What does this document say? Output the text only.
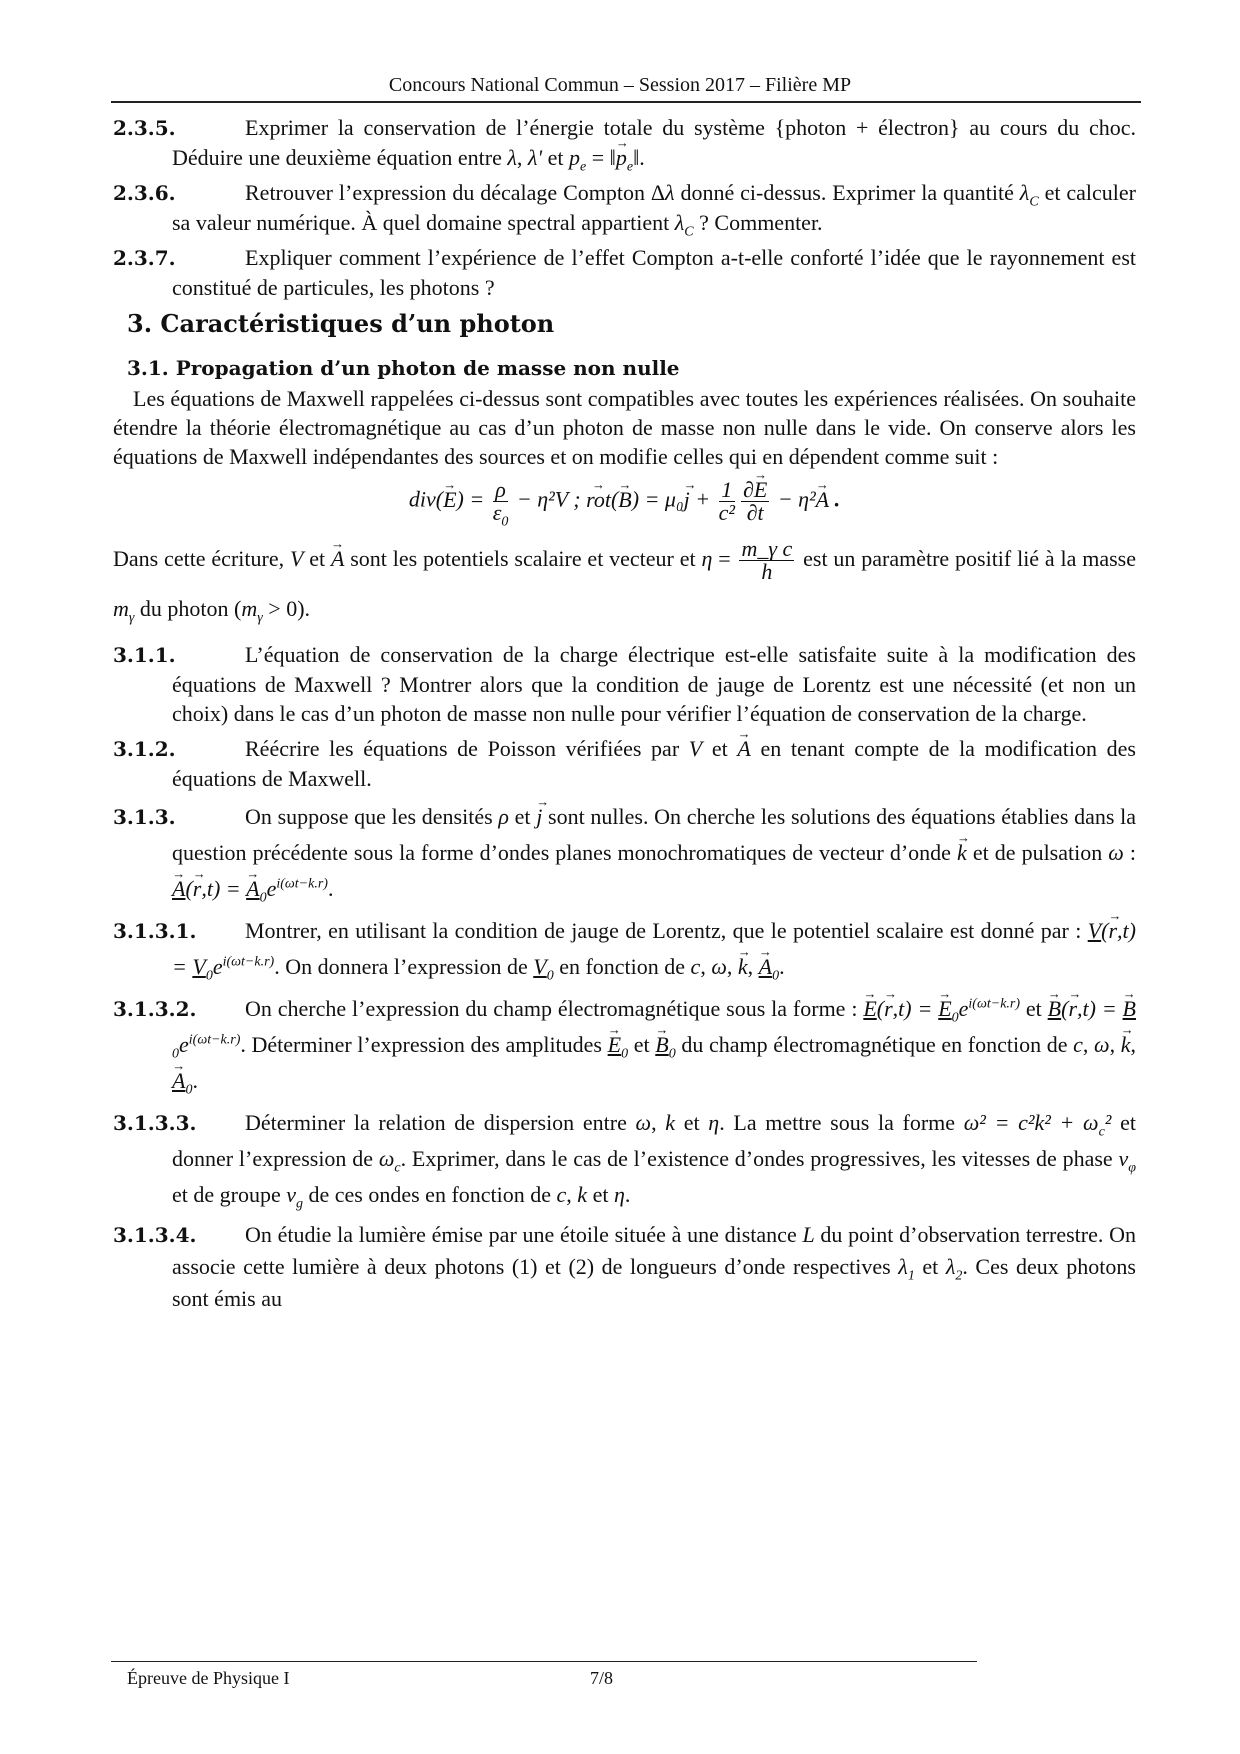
Concours National Commun – Session 2017 – Filière MP
2.3.5.	Exprimer la conservation de l’énergie totale du système {photon + électron} au cours du choc. Déduire une deuxième équation entre λ, λ' et $p_e$ = ‖→ $p_e‖$.
2.3.6.	Retrouver l’expression du décalage Compton Δλ donné ci-dessus. Exprimer la quantité $\lambda_C$ et calculer sa valeur numérique. À quel domaine spectral appartient $\lambda_C$ ? Commenter.
2.3.7.	Expliquer comment l’expérience de l’effet Compton a-t-elle conforté l’idée que le rayonnement est constitué de particules, les photons ?
3. Caractéristiques d’un photon
3.1. Propagation d’un photon de masse non nulle
Les équations de Maxwell rappelées ci-dessus sont compatibles avec toutes les expériences réalisées. On souhaite étendre la théorie électromagnétique au cas d’un photon de masse non nulle dans le vide. On conserve alors les équations de Maxwell indépendantes des sources et on modifie celles qui en dépendent comme suit :
$div(\to E) = \frac{\rho}{\varepsilon_0} - \eta^2V$ ; → $rot(\to B) = \mu_0\to j + \frac{1}{\text{c²}} \frac{\partial\to E}{\partial t} - \eta^2\to A$ .
Dans cette écriture, V et → A sont les potentiels scalaire et vecteur et $\eta = \frac{\text{m\_γ c}}{h}$ est un paramètre positif lié à la masse $m_\gamma$ du photon $(m_\gamma > 0)$.
3.1.1.	L’équation de conservation de la charge électrique est-elle satisfaite suite à la modification des équations de Maxwell ? Montrer alors que la condition de jauge de Lorentz est une nécessité (et non un choix) dans le cas d’un photon de masse non nulle pour vérifier l’équation de conservation de la charge.
3.1.2.	Réécrire les équations de Poisson vérifiées par V et → A en tenant compte de la modification des équations de Maxwell.
3.1.3.	On suppose que les densités ρ et → j sont nulles. On cherche les solutions des équations établies dans la question précédente sous la forme d’ondes planes monochromatiques de vecteur d’onde → k et de pulsation ω : → A(→ r,t) = → $A_0e^{i(\omega t-k.r)}$.
3.1.3.1. Montrer, en utilisant la condition de jauge de Lorentz, que le potentiel scalaire est donné par : $V(\to r,t) = V_0e^{i(\omega t-k.r)}$. On donnera l’expression de $V_0$ en fonction de c, ω, → k, → $A_0$.
3.1.3.2. On cherche l’expression du champ électromagnétique sous la forme : → E(→ r,t) = → $E_0e^{i(\omega t-k.r)}$ et → B(→ r,t) = → $B_0e^{i(\omega t-k.r)}$. Déterminer l’expression des amplitudes → $E_0$ et → $B_0$ du champ électromagnétique en fonction de c, ω, → k, → $A_0$.
3.1.3.3. Déterminer la relation de dispersion entre ω, k et η. La mettre sous la forme $\omega^2 = c^2k^2 + \omega_c^2$ et donner l’expression de $\omega_c$. Exprimer, dans le cas de l’existence d’ondes progressives, les vitesses de phase $v_\varphi$ et de groupe $v_g$ de ces ondes en fonction de c, k et η.
3.1.3.4. On étudie la lumière émise par une étoile située à une distance L du point d’observation terrestre. On associe cette lumière à deux photons (1) et (2) de longueurs d’onde respectives $\lambda_1$ et $\lambda_2$. Ces deux photons sont émis au
Épreuve de Physique I	7/8
